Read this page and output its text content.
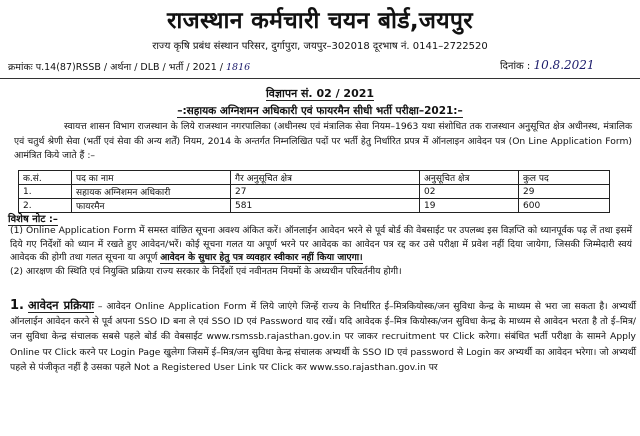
राजस्थान कर्मचारी चयन बोर्ड,जयपुर
राज्य कृषि प्रबंध संस्थान परिसर, दुर्गापुरा, जयपुर–302018 दूरभाष नं. 0141–2722520
क्रमांकः प.14(87)RSSB / अर्थना / DLB / भर्ती / 2021 / 1816	दिनांक : 10.8.2021
विज्ञापन सं. 02 / 2021
–:सहायक अग्निशमन अधिकारी एवं फायरमैन सीधी भर्ती परीक्षा–2021:–
स्वायत्त शासन विभाग राजस्थान के लिये राजस्थान नगरपालिका (अधीनस्थ एवं मंत्रालिक सेवा नियम–1963 यथा संशोधित तक राजस्थान अनुसूचित क्षेत्र अधीनस्थ, मंत्रालिक एवं चतुर्थ श्रेणी सेवा (भर्ती एवं सेवा की अन्य शर्तें) नियम, 2014 के अन्तर्गत निम्नलिखित पदों पर भर्ती हेतु निर्धारित प्रपत्र में ऑनलाइन आवेदन पत्र (On Line Application Form) आमंत्रित किये जाते हैं :–
क.सं.	पद का नाम	गैर अनुसूचित क्षेत्र	अनुसूचित क्षेत्र	कुल पद
1.	सहायक अग्निशमन अधिकारी	27	02	29
2.	फायरमैन	581	19	600
विशेष नोट :–
(1) Online Application Form में समस्त वांछित सूचना अवश्य अंकित करें। ऑनलाईन आवेदन भरने से पूर्व बोर्ड की वेबसाईट पर उपलब्ध इस विज्ञप्ति को ध्यानपूर्वक पढ़ लें तथा इसमें दिये गए निर्देशों को ध्यान में रखते हुए आवेदन/भरें। कोई सूचना गलत या अपूर्ण भरने पर आवेदक का आवेदन पत्र रद्द कर उसे परीक्षा में प्रवेश नहीं दिया जायेगा, जिसकी जिम्मेदारी स्वयं आवेदक की होगी तथा गलत सूचना या अपूर्ण आवेदन के सुधार हेतु पत्र व्यवहार स्वीकार नहीं किया जाएगा।
(2) आरक्षण की स्थिति एवं नियुक्ति प्रक्रिया राज्य सरकार के निर्देशों एवं नवीनतम नियमों के अध्यधीन परिवर्तनीय होगी।
1. आवेदन प्रक्रियाः – आवेदन Online Application Form में लिये जाएंगे जिन्हें राज्य के निर्धारित ई–मित्रकियोस्क/जन सुविधा केन्द्र के माध्यम से भरा जा सकता है। अभ्यर्थी ऑनलाईन आवेदन करने से पूर्व अपना SSO ID बना ले एवं SSO ID एवं Password याद रखें। यदि आवेदक ई–मित्र कियोस्क/जन सुविधा केन्द्र के माध्यम से आवेदन भरता है तो ई–मित्र/जन सुविधा केन्द्र संचालक सबसे पहले बोर्ड की वेबसाईट www.rsmssb.rajasthan.gov.in पर जाकर recruitment पर Click करेगा। संबंधित भर्ती परीक्षा के सामने Apply Online पर Click करने पर Login Page खुलेगा जिसमें ई–मित्र/जन सुविधा केन्द्र संचालक अभ्यर्थी के SSO ID एवं password से Login कर अभ्यर्थी का आवेदन भरेगा। जो अभ्यर्थी पहले से पंजीकृत नहीं है उसका पहले Not a Registered User Link पर Click कर www.sso.rajasthan.gov.in पर
